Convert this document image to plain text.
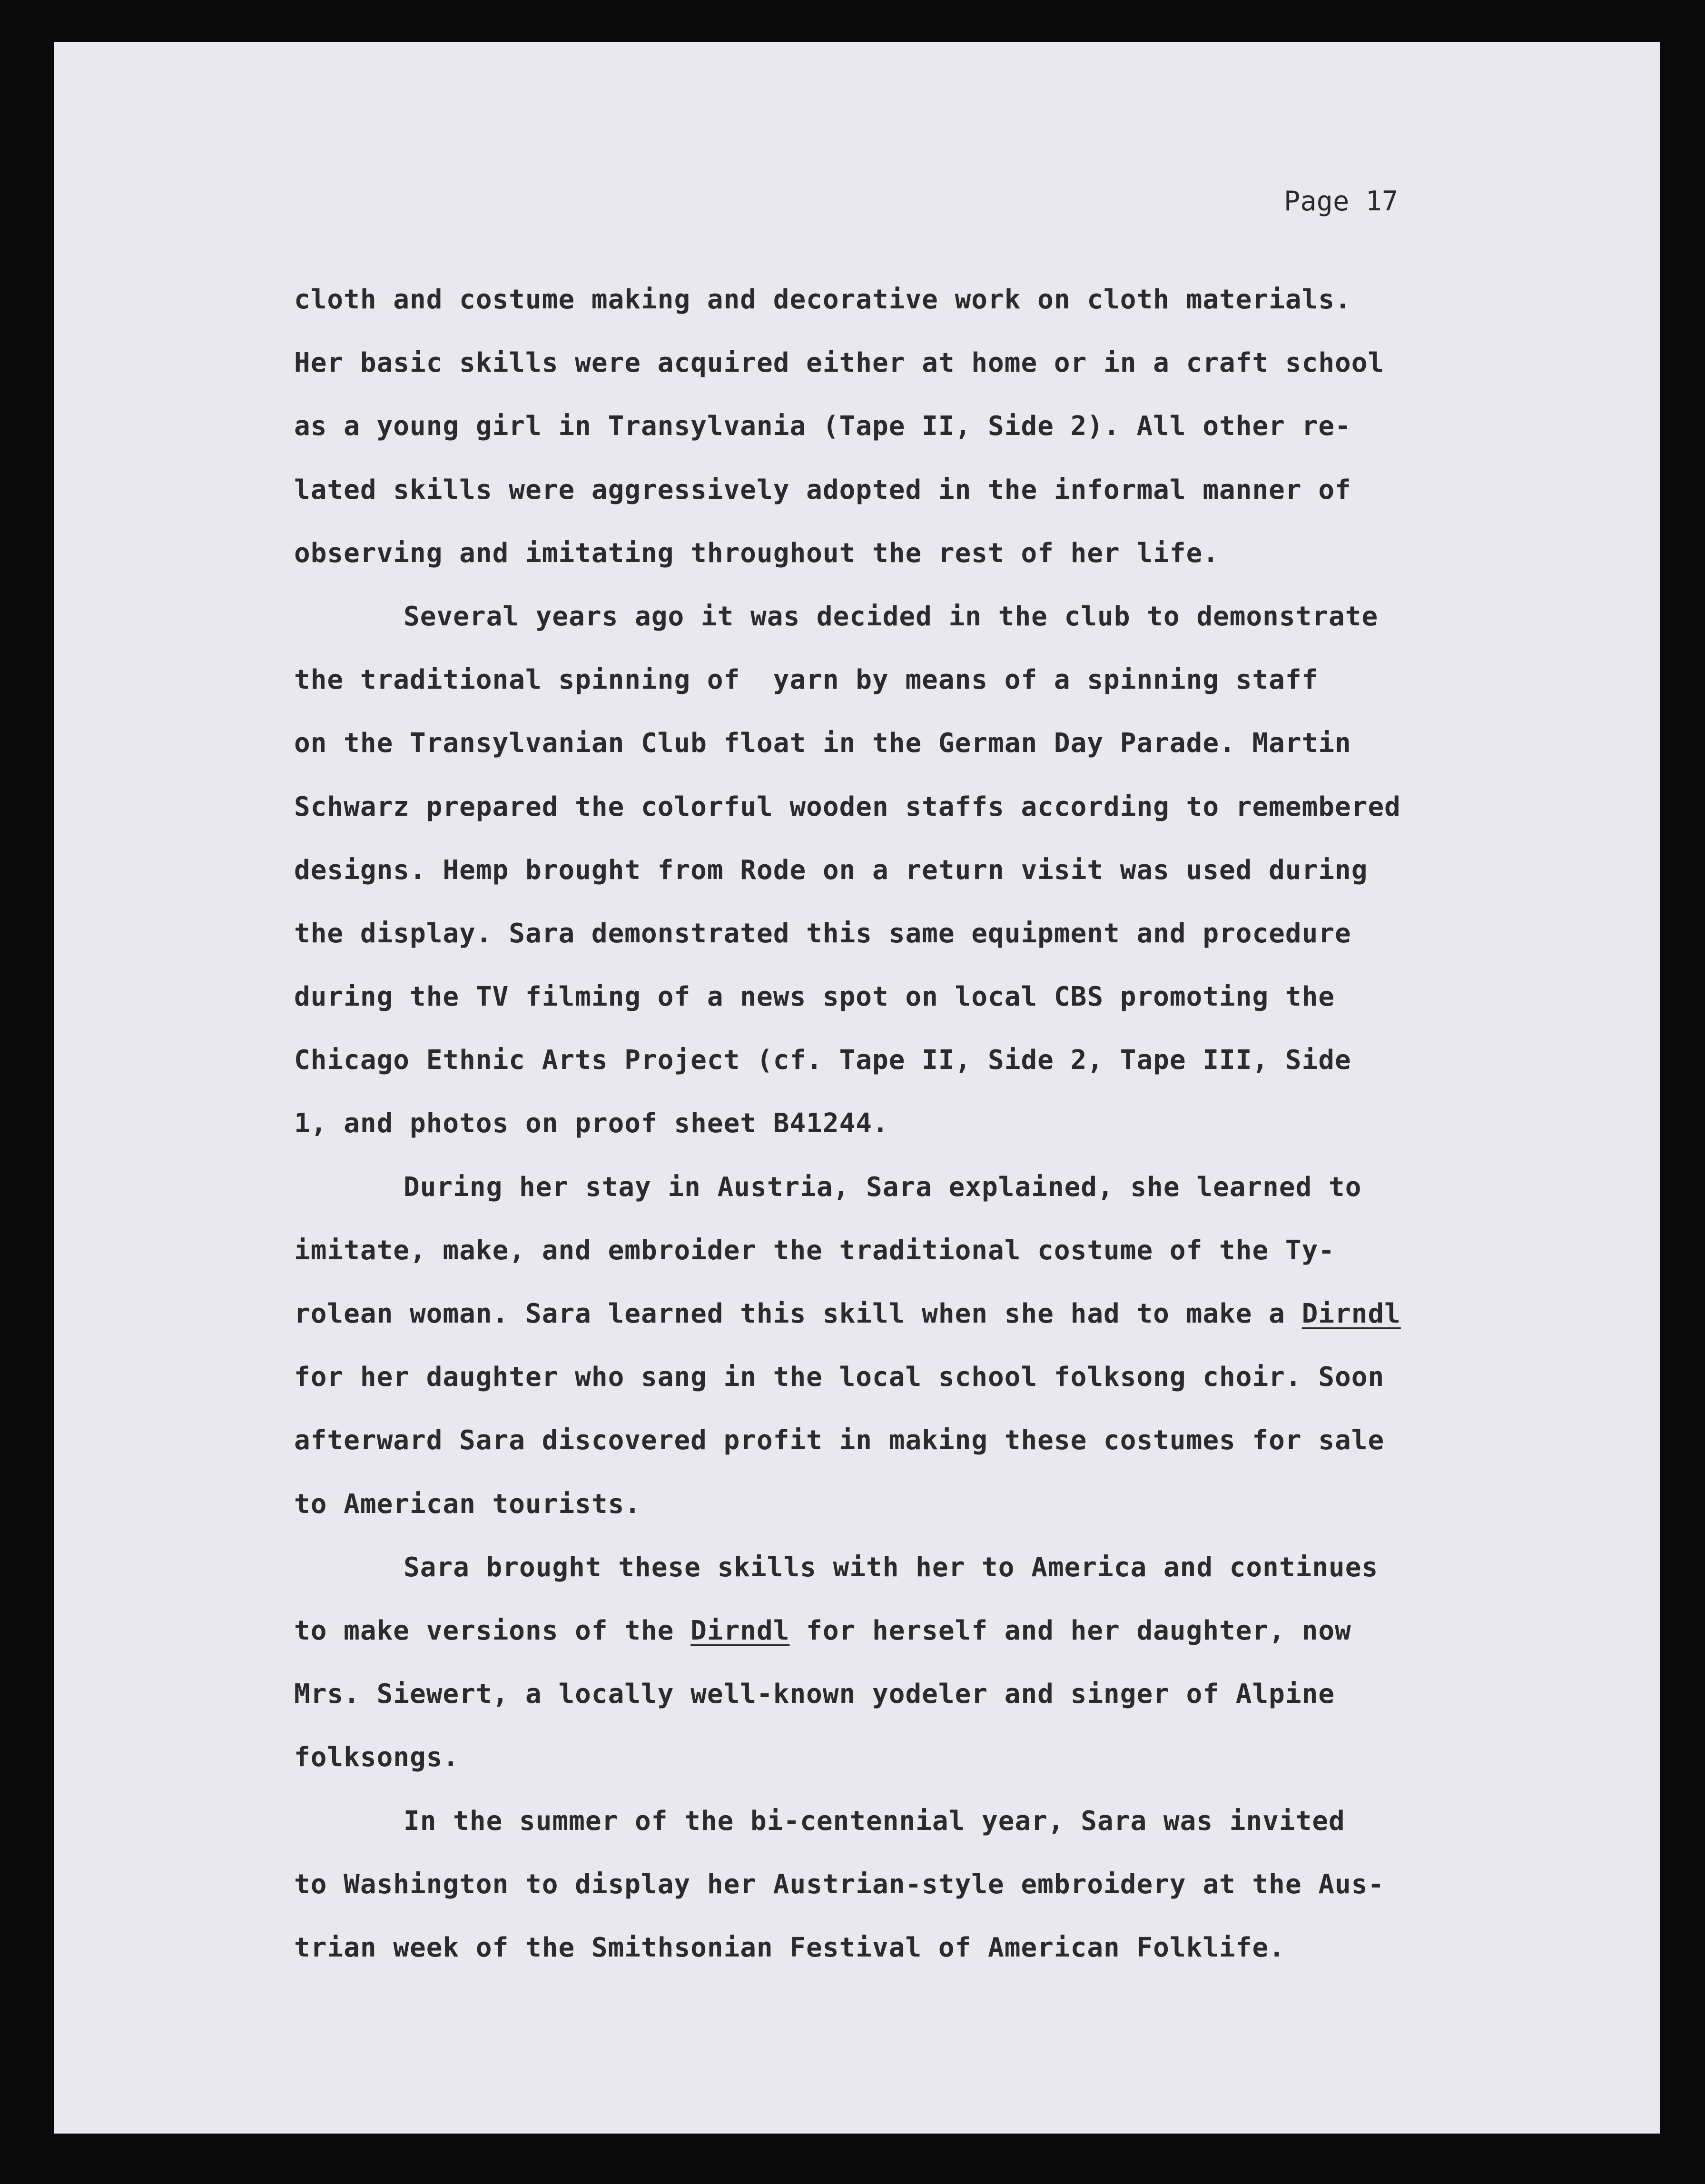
Page 17

cloth and costume making and decorative work on cloth materials.
Her basic skills were acquired either at home or in a craft school
as a young girl in Transylvania (Tape II, Side 2). All other re-
lated skills were aggressively adopted in the informal manner of
observing and imitating throughout the rest of her life.
Several years ago it was decided in the club to demonstrate
the traditional spinning of  yarn by means of a spinning staff
on the Transylvanian Club float in the German Day Parade. Martin
Schwarz prepared the colorful wooden staffs according to remembered
designs. Hemp brought from Rode on a return visit was used during
the display. Sara demonstrated this same equipment and procedure
during the TV filming of a news spot on local CBS promoting the
Chicago Ethnic Arts Project (cf. Tape II, Side 2, Tape III, Side
1, and photos on proof sheet B41244.
During her stay in Austria, Sara explained, she learned to
imitate, make, and embroider the traditional costume of the Ty-
rolean woman. Sara learned this skill when she had to make a Dirndl
for her daughter who sang in the local school folksong choir. Soon
afterward Sara discovered profit in making these costumes for sale
to American tourists.
Sara brought these skills with her to America and continues
to make versions of the Dirndl for herself and her daughter, now
Mrs. Siewert, a locally well-known yodeler and singer of Alpine
folksongs.
In the summer of the bi-centennial year, Sara was invited
to Washington to display her Austrian-style embroidery at the Aus-
trian week of the Smithsonian Festival of American Folklife.
